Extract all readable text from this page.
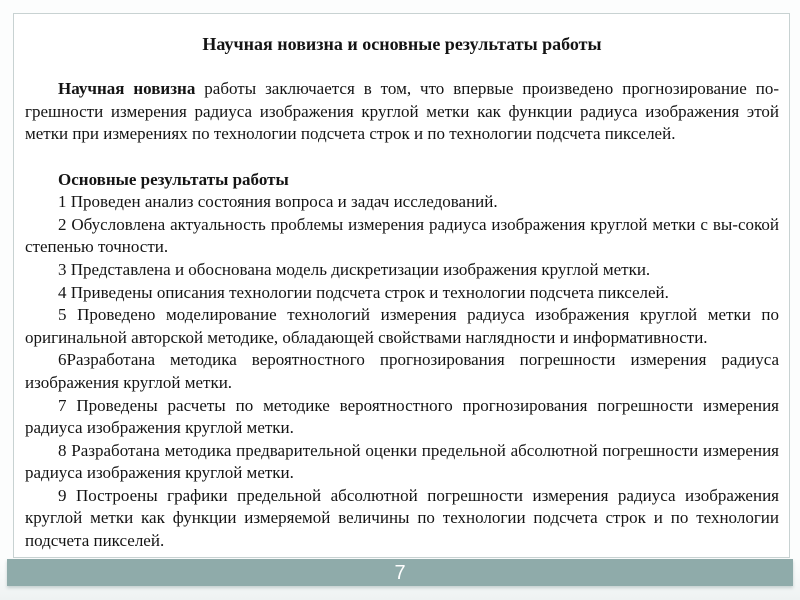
Научная новизна и основные результаты работы

Научная новизна работы заключается в том, что впервые произведено прогнозирование по-грешности измерения радиуса изображения круглой метки как функции радиуса изображения этой метки при измерениях по технологии подсчета строк и по технологии подсчета пикселей.

Основные результаты работы

1 Проведен анализ состояния вопроса и задач исследований.

2 Обусловлена актуальность проблемы измерения радиуса изображения круглой метки с вы-сокой степенью точности.

3 Представлена и обоснована модель дискретизации изображения круглой метки.

4 Приведены описания технологии подсчета строк и технологии подсчета пикселей.

5 Проведено моделирование технологий измерения радиуса изображения круглой метки по оригинальной авторской методике, обладающей свойствами наглядности и информативности.

6Разработана методика вероятностного прогнозирования погрешности измерения радиуса изображения круглой метки.

7 Проведены расчеты по методике вероятностного прогнозирования погрешности измерения радиуса изображения круглой метки.

8 Разработана методика предварительной оценки предельной абсолютной погрешности измерения радиуса изображения круглой метки.

9 Построены графики предельной абсолютной погрешности измерения радиуса изображения круглой метки как функции измеряемой величины по технологии подсчета строк и по технологии подсчета пикселей.

7
